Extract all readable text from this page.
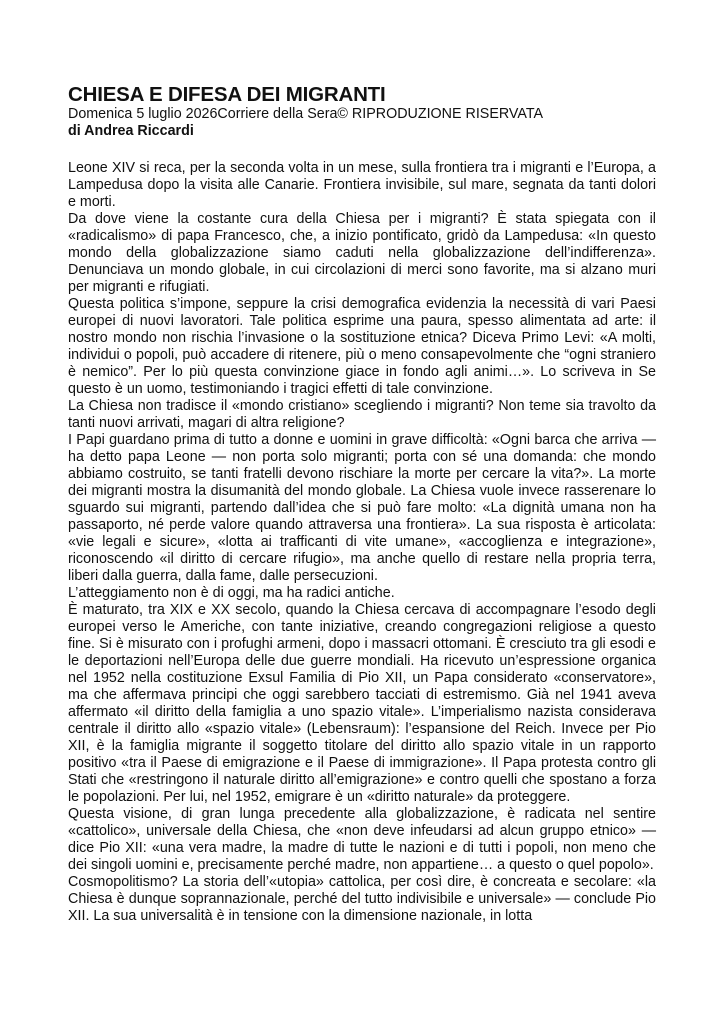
CHIESA E DIFESA DEI MIGRANTI

Domenica 5 luglio 2026Corriere della Sera© RIPRODUZIONE RISERVATA

di Andrea Riccardi

Leone XIV si reca, per la seconda volta in un mese, sulla frontiera tra i migranti e l’Europa, a Lampedusa dopo la visita alle Canarie. Frontiera invisibile, sul mare, segnata da tanti dolori e morti.

Da dove viene la costante cura della Chiesa per i migranti? È stata spiegata con il «radicalismo» di papa Francesco, che, a inizio pontificato, gridò da Lampedusa: «In questo mondo della globalizzazione siamo caduti nella globalizzazione dell’indifferenza». Denunciava un mondo globale, in cui circolazioni di merci sono favorite, ma si alzano muri per migranti e rifugiati.

Questa politica s’impone, seppure la crisi demografica evidenzia la necessità di vari Paesi europei di nuovi lavoratori. Tale politica esprime una paura, spesso alimentata ad arte: il nostro mondo non rischia l’invasione o la sostituzione etnica? Diceva Primo Levi: «A molti, individui o popoli, può accadere di ritenere, più o meno consapevolmente che “ogni straniero è nemico”. Per lo più questa convinzione giace in fondo agli animi…». Lo scriveva in Se questo è un uomo, testimoniando i tragici effetti di tale convinzione.

La Chiesa non tradisce il «mondo cristiano» scegliendo i migranti? Non teme sia travolto da tanti nuovi arrivati, magari di altra religione?

I Papi guardano prima di tutto a donne e uomini in grave difficoltà: «Ogni barca che arriva — ha detto papa Leone — non porta solo migranti; porta con sé una domanda: che mondo abbiamo costruito, se tanti fratelli devono rischiare la morte per cercare la vita?». La morte dei migranti mostra la disumanità del mondo globale. La Chiesa vuole invece rasserenare lo sguardo sui migranti, partendo dall’idea che si può fare molto: «La dignità umana non ha passaporto, né perde valore quando attraversa una frontiera». La sua risposta è articolata: «vie legali e sicure», «lotta ai trafficanti di vite umane», «accoglienza e integrazione», riconoscendo «il diritto di cercare rifugio», ma anche quello di restare nella propria terra, liberi dalla guerra, dalla fame, dalle persecuzioni.

L’atteggiamento non è di oggi, ma ha radici antiche.

È maturato, tra XIX e XX secolo, quando la Chiesa cercava di accompagnare l’esodo degli europei verso le Americhe, con tante iniziative, creando congregazioni religiose a questo fine. Si è misurato con i profughi armeni, dopo i massacri ottomani. È cresciuto tra gli esodi e le deportazioni nell’Europa delle due guerre mondiali. Ha ricevuto un’espressione organica nel 1952 nella costituzione Exsul Familia di Pio XII, un Papa considerato «conservatore», ma che affermava principi che oggi sarebbero tacciati di estremismo. Già nel 1941 aveva affermato «il diritto della famiglia a uno spazio vitale». L’imperialismo nazista considerava centrale il diritto allo «spazio vitale» (Lebensraum): l’espansione del Reich. Invece per Pio XII, è la famiglia migrante il soggetto titolare del diritto allo spazio vitale in un rapporto positivo «tra il Paese di emigrazione e il Paese di immigrazione». Il Papa protesta contro gli Stati che «restringono il naturale diritto all’emigrazione» e contro quelli che spostano a forza le popolazioni. Per lui, nel 1952, emigrare è un «diritto naturale» da proteggere.

Questa visione, di gran lunga precedente alla globalizzazione, è radicata nel sentire «cattolico», universale della Chiesa, che «non deve infeudarsi ad alcun gruppo etnico» — dice Pio XII: «una vera madre, la madre di tutte le nazioni e di tutti i popoli, non meno che dei singoli uomini e, precisamente perché madre, non appartiene… a questo o quel popolo».

Cosmopolitismo? La storia dell’«utopia» cattolica, per così dire, è concreata e secolare: «la Chiesa è dunque soprannazionale, perché del tutto indivisibile e universale» — conclude Pio XII. La sua universalità è in tensione con la dimensione nazionale, in lotta
